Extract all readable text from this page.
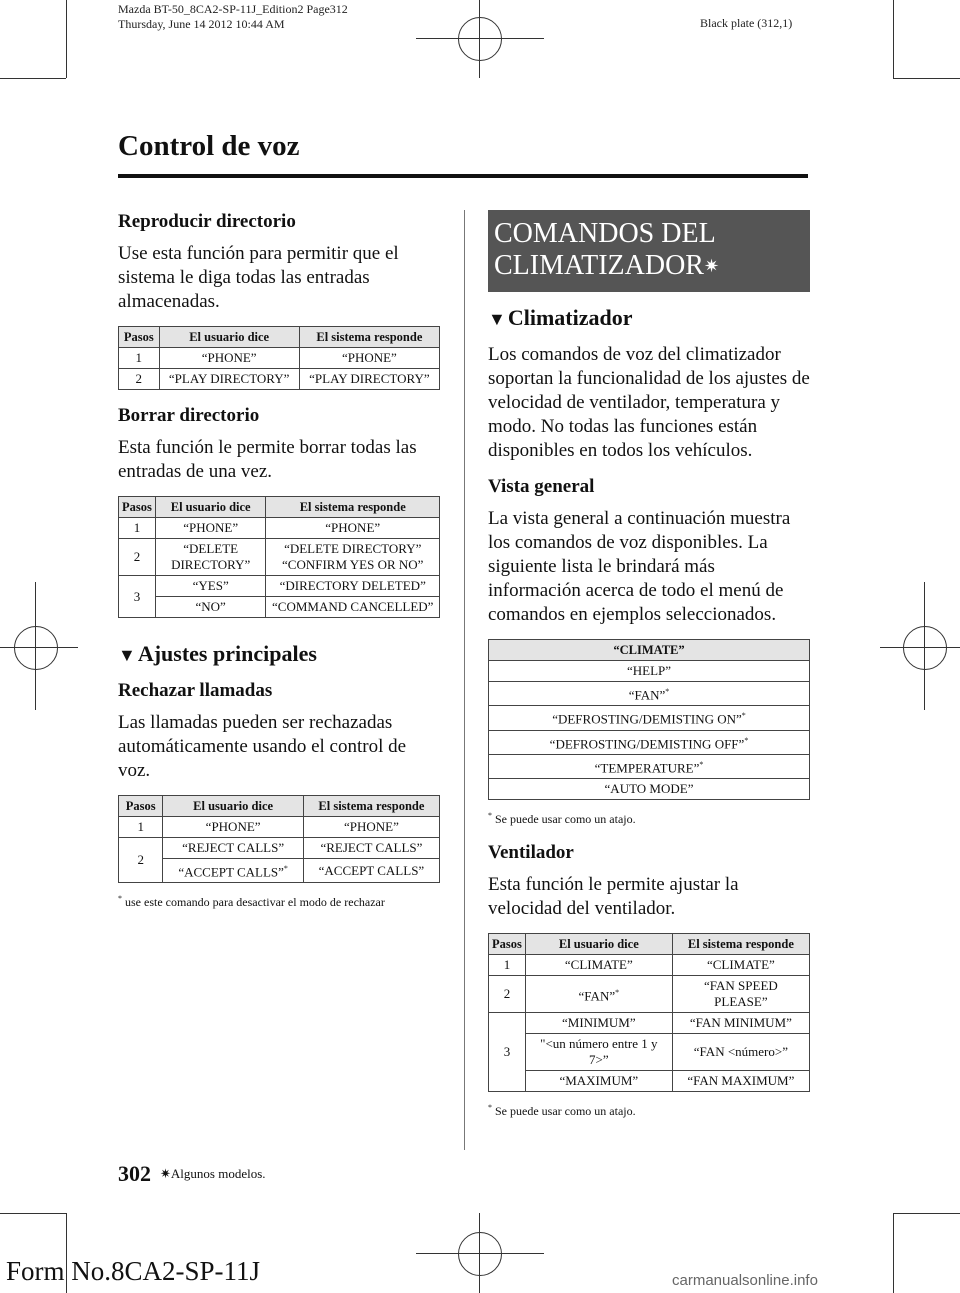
Mazda BT-50_8CA2-SP-11J_Edition2 Page312
Thursday, June 14 2012 10:44 AM	Black plate (312,1)
Control de voz
Reproducir directorio

Use esta función para permitir que el sistema le diga todas las entradas almacenadas.

Pasos	El usuario dice	El sistema responde
1	“PHONE”	“PHONE”
2	“PLAY DIRECTORY”	“PLAY DIRECTORY”
Borrar directorio

Esta función le permite borrar todas las entradas de una vez.

Pasos	El usuario dice	El sistema responde
1	“PHONE”	“PHONE”
2	“DELETE DIRECTORY”	“DELETE DIRECTORY” “CONFIRM YES OR NO”
3	“YES”	“DIRECTORY DELETED”
	“NO”	“COMMAND CANCELLED”
▼Ajustes principales
Rechazar llamadas

Las llamadas pueden ser rechazadas automáticamente usando el control de voz.

Pasos	El usuario dice	El sistema responde
1	“PHONE”	“PHONE”
2	“REJECT CALLS”	“REJECT CALLS”
	“ACCEPT CALLS”*	“ACCEPT CALLS”
* use este comando para desactivar el modo de rechazar
COMANDOS DEL
CLIMATIZADOR✷
▼Climatizador

Los comandos de voz del climatizador soportan la funcionalidad de los ajustes de velocidad de ventilador, temperatura y modo. No todas las funciones están disponibles en todos los vehículos.

Vista general

La vista general a continuación muestra los comandos de voz disponibles. La siguiente lista le brindará más información acerca de todo el menú de comandos en ejemplos seleccionados.

“CLIMATE”
“HELP”
“FAN”*
“DEFROSTING/DEMISTING ON”*
“DEFROSTING/DEMISTING OFF”*
“TEMPERATURE”*
“AUTO MODE”
* Se puede usar como un atajo.
Ventilador

Esta función le permite ajustar la velocidad del ventilador.

Pasos	El usuario dice	El sistema responde
1	“CLIMATE”	“CLIMATE”
2	“FAN”*	“FAN SPEED PLEASE”
3	“MINIMUM”	“FAN MINIMUM”
	"<un número entre 1 y 7>”	“FAN <número>”
	“MAXIMUM”	“FAN MAXIMUM”
* Se puede usar como un atajo.
302 ✷Algunos modelos.
Form No.8CA2-SP-11J	carmanualsonline.info
